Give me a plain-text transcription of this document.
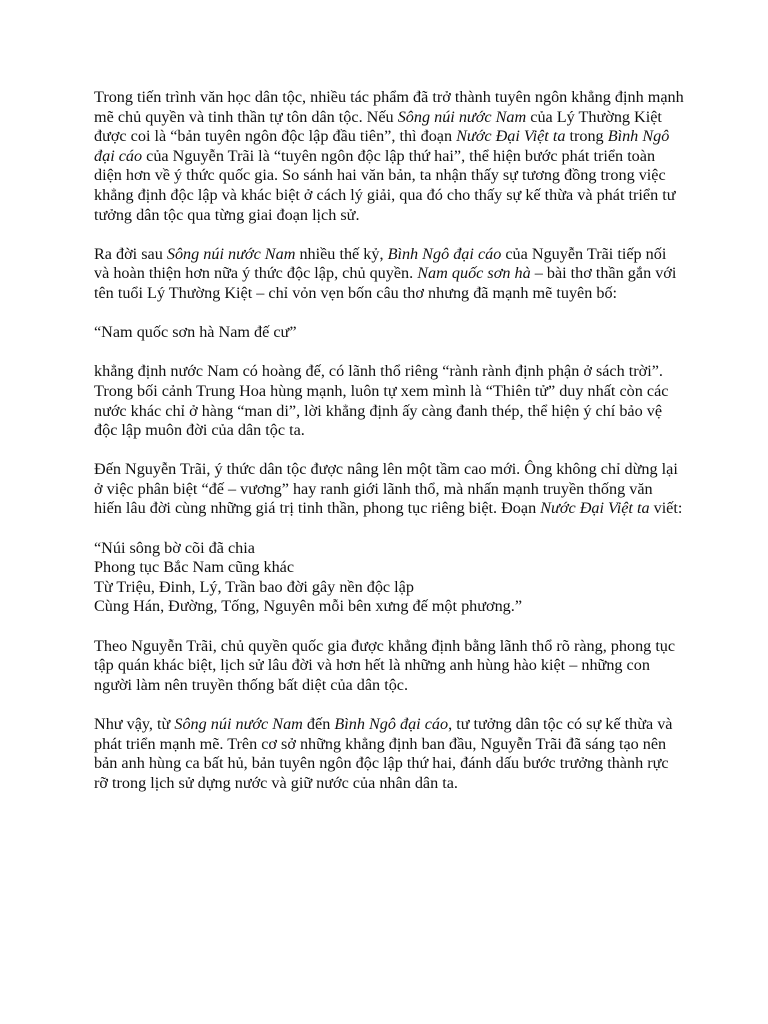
Trong tiến trình văn học dân tộc, nhiều tác phẩm đã trở thành tuyên ngôn khẳng định mạnh mẽ chủ quyền và tinh thần tự tôn dân tộc. Nếu Sông núi nước Nam của Lý Thường Kiệt được coi là “bản tuyên ngôn độc lập đầu tiên”, thì đoạn Nước Đại Việt ta trong Bình Ngô đại cáo của Nguyễn Trãi là “tuyên ngôn độc lập thứ hai”, thể hiện bước phát triển toàn diện hơn về ý thức quốc gia. So sánh hai văn bản, ta nhận thấy sự tương đồng trong việc khẳng định độc lập và khác biệt ở cách lý giải, qua đó cho thấy sự kế thừa và phát triển tư tưởng dân tộc qua từng giai đoạn lịch sử.

Ra đời sau Sông núi nước Nam nhiều thế kỷ, Bình Ngô đại cáo của Nguyễn Trãi tiếp nối và hoàn thiện hơn nữa ý thức độc lập, chủ quyền. Nam quốc sơn hà – bài thơ thần gắn với tên tuổi Lý Thường Kiệt – chỉ vỏn vẹn bốn câu thơ nhưng đã mạnh mẽ tuyên bố:

“Nam quốc sơn hà Nam đế cư”

khẳng định nước Nam có hoàng đế, có lãnh thổ riêng “rành rành định phận ở sách trời”. Trong bối cảnh Trung Hoa hùng mạnh, luôn tự xem mình là “Thiên tử” duy nhất còn các nước khác chỉ ở hàng “man di”, lời khẳng định ấy càng đanh thép, thể hiện ý chí bảo vệ độc lập muôn đời của dân tộc ta.

Đến Nguyễn Trãi, ý thức dân tộc được nâng lên một tầm cao mới. Ông không chỉ dừng lại ở việc phân biệt “đế – vương” hay ranh giới lãnh thổ, mà nhấn mạnh truyền thống văn hiến lâu đời cùng những giá trị tinh thần, phong tục riêng biệt. Đoạn Nước Đại Việt ta viết:

“Núi sông bờ cõi đã chia
Phong tục Bắc Nam cũng khác
Từ Triệu, Đinh, Lý, Trần bao đời gây nền độc lập
Cùng Hán, Đường, Tống, Nguyên mỗi bên xưng đế một phương.”

Theo Nguyễn Trãi, chủ quyền quốc gia được khẳng định bằng lãnh thổ rõ ràng, phong tục tập quán khác biệt, lịch sử lâu đời và hơn hết là những anh hùng hào kiệt – những con người làm nên truyền thống bất diệt của dân tộc.

Như vậy, từ Sông núi nước Nam đến Bình Ngô đại cáo, tư tưởng dân tộc có sự kế thừa và phát triển mạnh mẽ. Trên cơ sở những khẳng định ban đầu, Nguyễn Trãi đã sáng tạo nên bản anh hùng ca bất hủ, bản tuyên ngôn độc lập thứ hai, đánh dấu bước trưởng thành rực rỡ trong lịch sử dựng nước và giữ nước của nhân dân ta.
